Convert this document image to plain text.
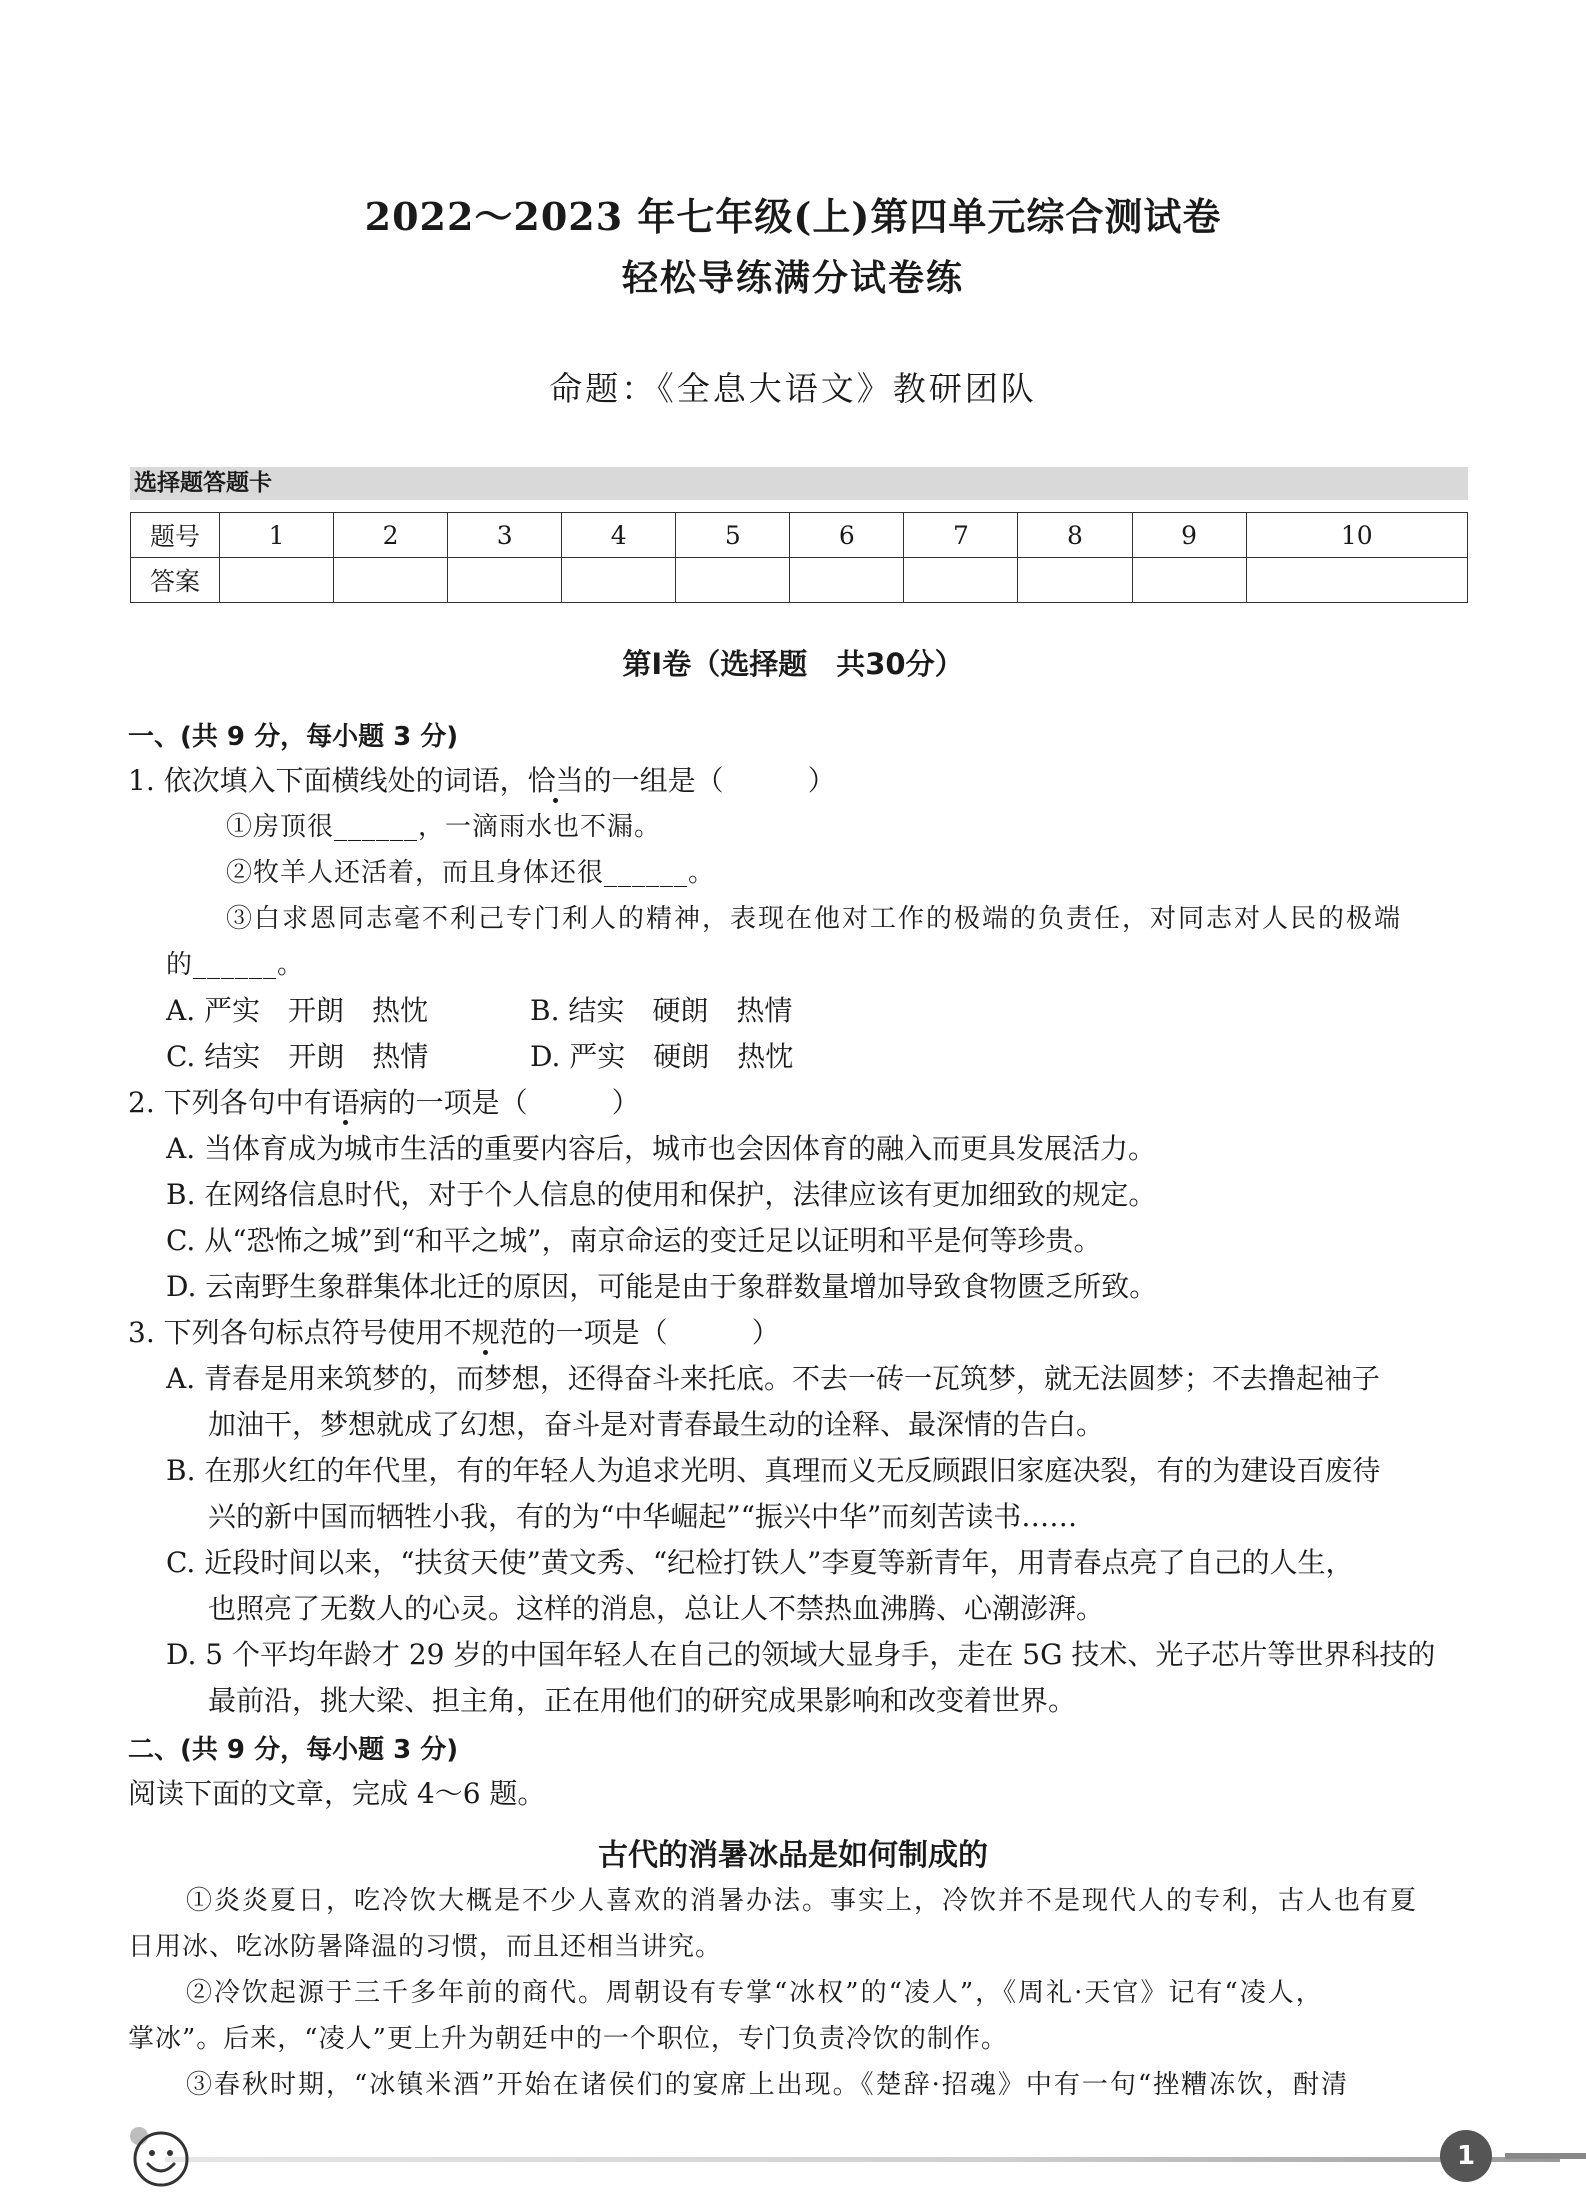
2022～2023 年七年级(上)第四单元综合测试卷
轻松导练满分试卷练
命题：《全息大语文》教研团队
选择题答题卡
题号	1	2	3	4	5	6	7	8	9	10
答案										
第Ⅰ卷（选择题　共30分）
一、(共 9 分，每小题 3 分)
1. 依次填入下面横线处的词语，恰当的一组是（　　　）
①房顶很______，一滴雨水也不漏。
②牧羊人还活着，而且身体还很______。
③白求恩同志毫不利己专门利人的精神，表现在他对工作的极端的负责任，对同志对人民的极端
的______。
A. 严实　开朗　热忱	B. 结实　硬朗　热情
C. 结实　开朗　热情	D. 严实　硬朗　热忱
2. 下列各句中有语病的一项是（　　　）
A. 当体育成为城市生活的重要内容后，城市也会因体育的融入而更具发展活力。
B. 在网络信息时代，对于个人信息的使用和保护，法律应该有更加细致的规定。
C. 从“恐怖之城”到“和平之城”，南京命运的变迁足以证明和平是何等珍贵。
D. 云南野生象群集体北迁的原因，可能是由于象群数量增加导致食物匮乏所致。
3. 下列各句标点符号使用不规范的一项是（　　　）
A. 青春是用来筑梦的，而梦想，还得奋斗来托底。不去一砖一瓦筑梦，就无法圆梦；不去撸起袖子
加油干，梦想就成了幻想，奋斗是对青春最生动的诠释、最深情的告白。
B. 在那火红的年代里，有的年轻人为追求光明、真理而义无反顾跟旧家庭决裂，有的为建设百废待
兴的新中国而牺牲小我，有的为“中华崛起”“振兴中华”而刻苦读书……
C. 近段时间以来，“扶贫天使”黄文秀、“纪检打铁人”李夏等新青年，用青春点亮了自己的人生，
也照亮了无数人的心灵。这样的消息，总让人不禁热血沸腾、心潮澎湃。
D. 5 个平均年龄才 29 岁的中国年轻人在自己的领域大显身手，走在 5G 技术、光子芯片等世界科技的
最前沿，挑大梁、担主角，正在用他们的研究成果影响和改变着世界。
二、(共 9 分，每小题 3 分)
阅读下面的文章，完成 4～6 题。
古代的消暑冰品是如何制成的
①炎炎夏日，吃冷饮大概是不少人喜欢的消暑办法。事实上，冷饮并不是现代人的专利，古人也有夏
日用冰、吃冰防暑降温的习惯，而且还相当讲究。
②冷饮起源于三千多年前的商代。周朝设有专掌“冰权”的“凌人”，《周礼·天官》记有“凌人，
掌冰”。后来，“凌人”更上升为朝廷中的一个职位，专门负责冷饮的制作。
③春秋时期，“冰镇米酒”开始在诸侯们的宴席上出现。《楚辞·招魂》中有一句“挫糟冻饮，酎清
1
